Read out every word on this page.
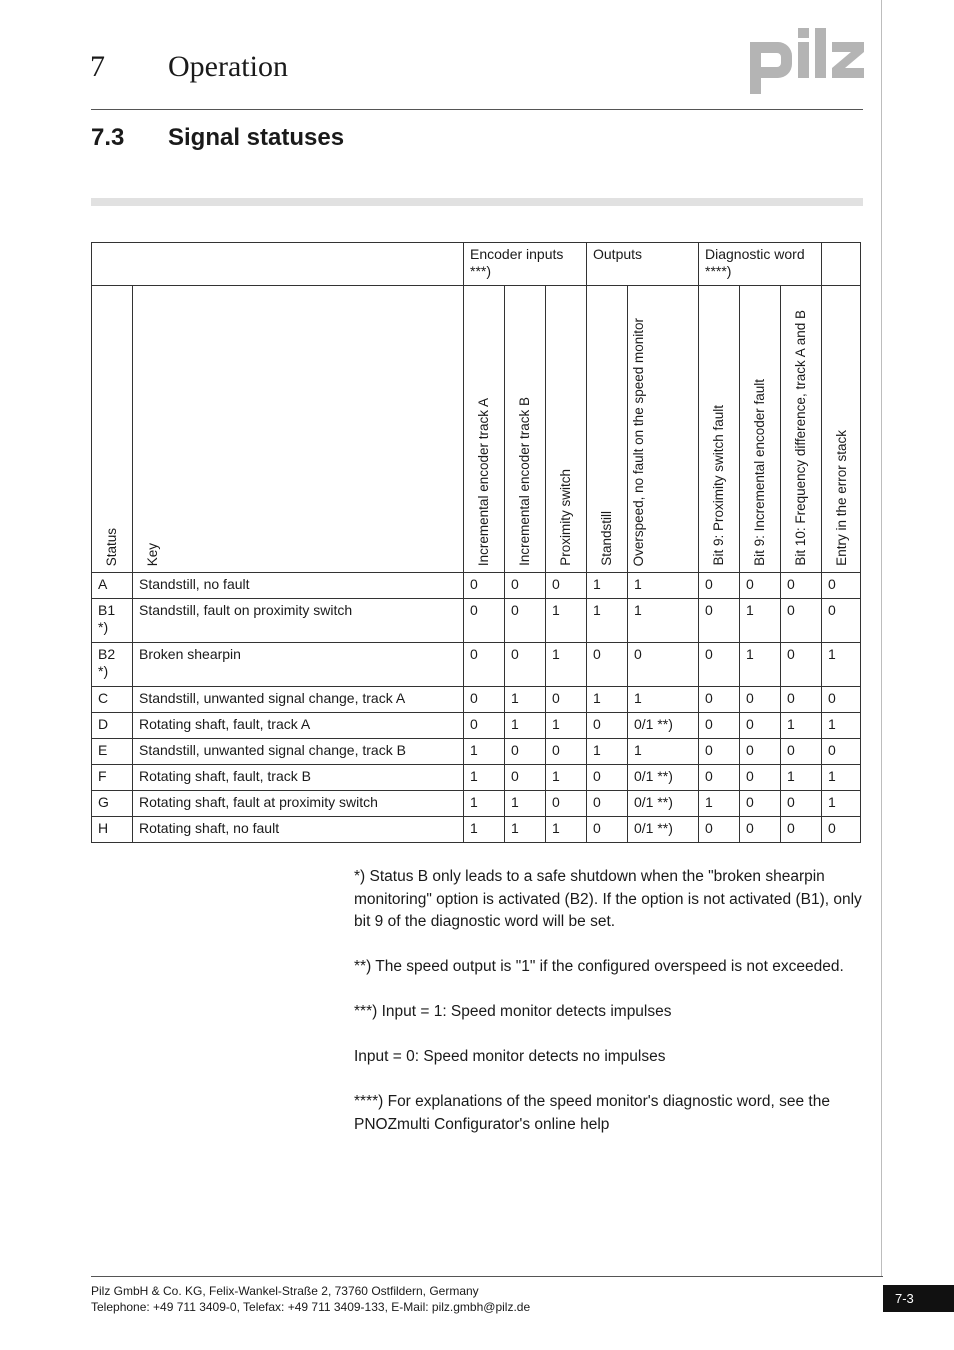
7 Operation
7.3 Signal statuses
		Encoder inputs ***)			Outputs		Diagnostic word ****)			

Status	Key	Incremental encoder track A	Incremental encoder track B	Proximity switch	Standstill	Overspeed, no fault on the speed monitor	Bit 9: Proximity switch fault	Bit 9: Incremental encoder fault	Bit 10: Frequency difference, track A and B	Entry in the error stack

A	Standstill, no fault	0	0	0	1	1	0	0	0	0
B1 *)	Standstill, fault on proximity switch	0	0	1	1	1	0	1	0	0
B2 *)	Broken shearpin	0	0	1	0	0	0	1	0	1
C	Standstill, unwanted signal change, track A	0	1	0	1	1	0	0	0	0
D	Rotating shaft, fault, track A	0	1	1	0	0/1 **)	0	0	1	1
E	Standstill, unwanted signal change, track B	1	0	0	1	1	0	0	0	0
F	Rotating shaft, fault, track B	1	0	1	0	0/1 **)	0	0	1	1
G	Rotating shaft, fault at proximity switch	1	1	0	0	0/1 **)	1	0	0	1
H	Rotating shaft, no fault	1	1	1	0	0/1 **)	0	0	0	0

*) Status B only leads to a safe shutdown when the "broken shearpin monitoring" option is activated (B2). If the option is not activated (B1), only bit 9 of the diagnostic word will be set.

**) The speed output is "1" if the configured overspeed is not exceeded.

***) Input = 1: Speed monitor detects impulses

Input = 0: Speed monitor detects no impulses

****) For explanations of the speed monitor's diagnostic word, see the PNOZmulti Configurator's online help

Pilz GmbH & Co. KG, Felix-Wankel-Straße 2, 73760 Ostfildern, Germany
Telephone: +49 711 3409-0, Telefax: +49 711 3409-133, E-Mail: pilz.gmbh@pilz.de
7-3
